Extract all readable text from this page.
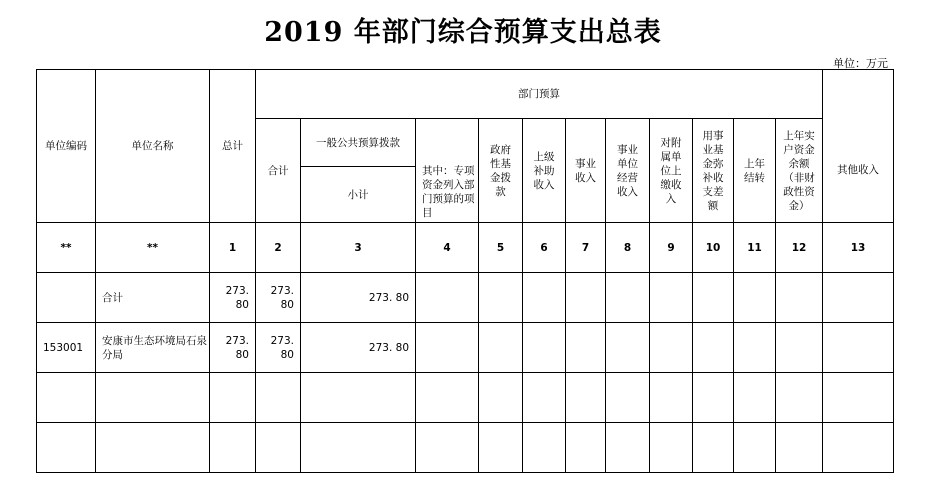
2019 年部门综合预算支出总表
单位：万元
单位编码	单位名称	总计	部门预算											
			合计	一般公共预算拨款	其中：专项资金列入部门预算的项目	政府性基金拨款	上级补助收入	事业收入	事业单位经营收入	对附属单位上缴收入	用事业基金弥补收支差额	上年结转	上年实户资金余额（非财政性资金）	其他收入
				小计										
**	**	1	2	3	4	5	6	7	8	9	10	11	12	13
	合计	273. 80	273. 80	273. 80										
153001	安康市生态环境局石泉分局	273. 80	273. 80	273. 80										
